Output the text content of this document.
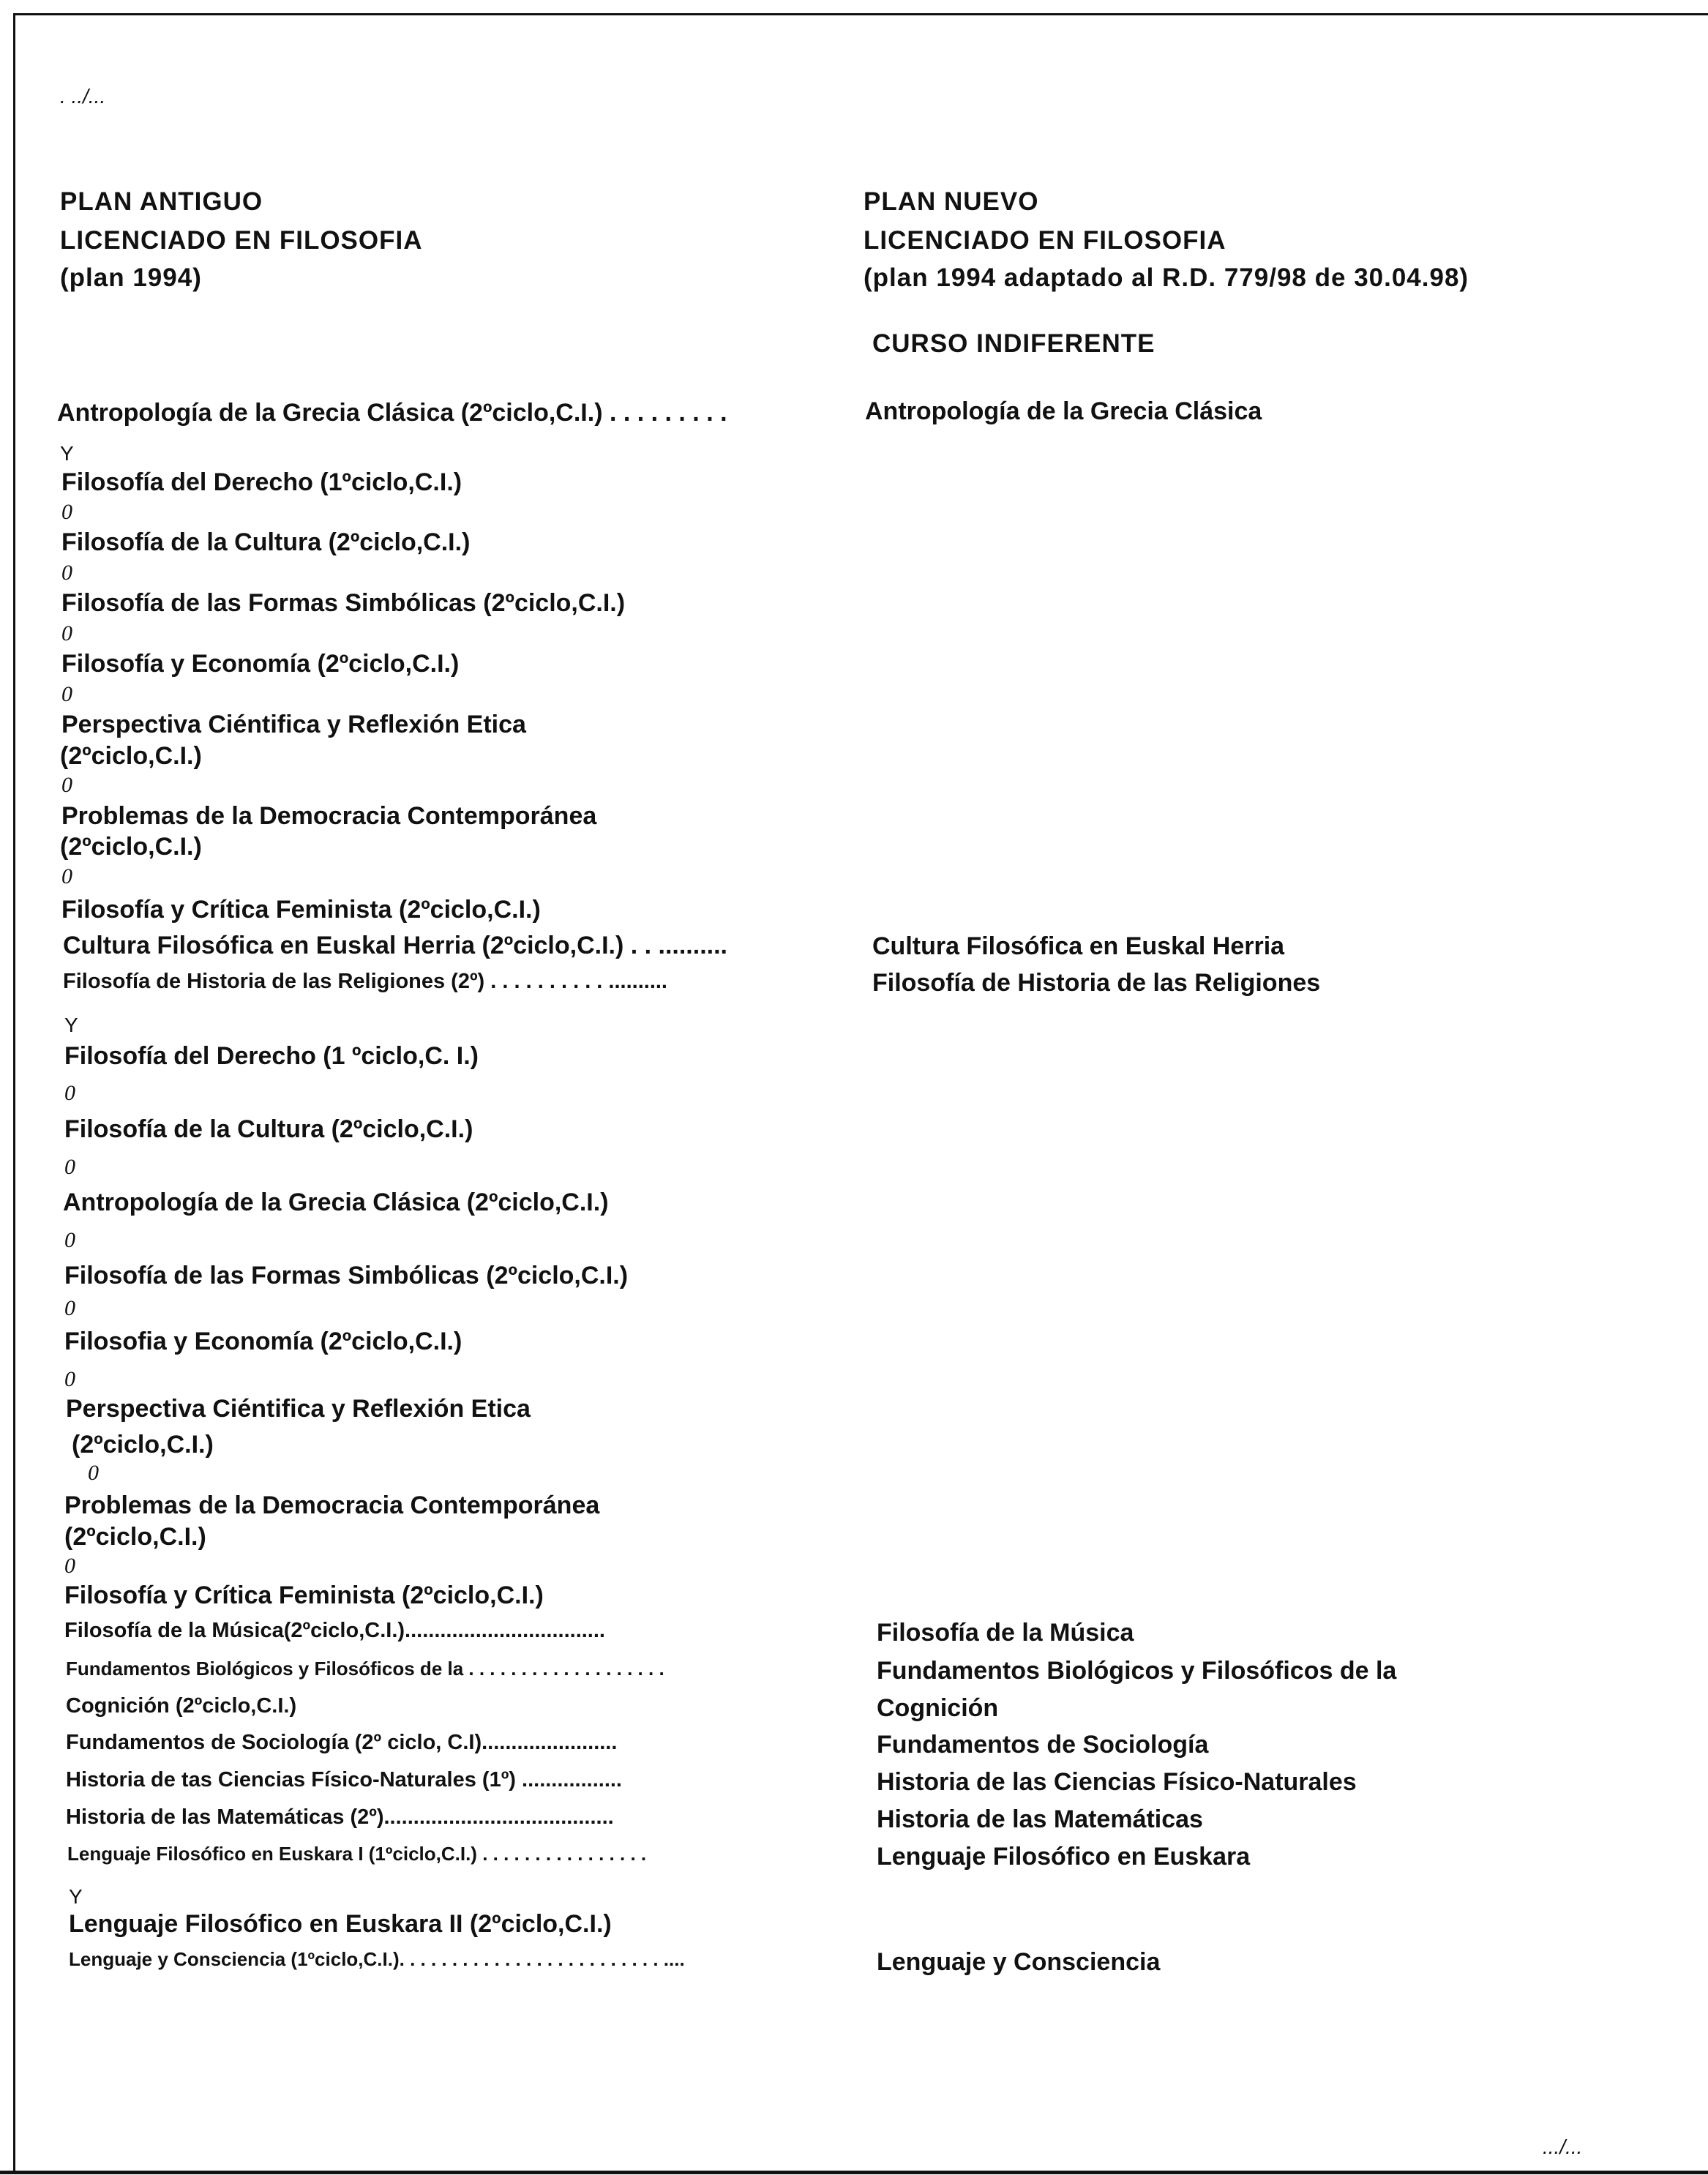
. ../...
PLAN ANTIGUO
LICENCIADO EN FILOSOFIA
(plan 1994)
PLAN NUEVO
LICENCIADO EN FILOSOFIA
(plan 1994 adaptado al R.D. 779/98 de 30.04.98)
CURSO INDIFERENTE
Antropología de la Grecia Clásica (2ºciclo,C.I.) . . . . . . . . .
Y
Filosofía del Derecho (1ºciclo,C.I.)
0
Filosofía de la Cultura (2ºciclo,C.I.)
0
Filosofía de las Formas Simbólicas (2ºciclo,C.I.)
0
Filosofía y Economía (2ºciclo,C.I.)
0
Perspectiva Ciéntifica y Reflexión Etica
(2ºciclo,C.I.)
0
Problemas de la Democracia Contemporánea
(2ºciclo,C.I.)
0
Filosofía y Crítica Feminista (2ºciclo,C.I.)
Cultura Filosófica en Euskal Herria (2ºciclo,C.I.) . . ..........
Filosofía de Historia de las Religiones (2º) . . . . . . . . . . ..........
Y
Filosofía del Derecho (1 ºciclo,C. I.)
0
Filosofía de la Cultura (2ºciclo,C.I.)
0
Antropología de la Grecia Clásica (2ºciclo,C.I.)
0
Filosofía de las Formas Simbólicas (2ºciclo,C.I.)
0
Filosofia y Economía (2ºciclo,C.I.)
0
Perspectiva Ciéntifica y Reflexión Etica
(2ºciclo,C.I.)
0
Problemas de la Democracia Contemporánea
(2ºciclo,C.I.)
0
Filosofía y Crítica Feminista (2ºciclo,C.I.)
Filosofía de la Música(2ºciclo,C.I.)..................................
Fundamentos Biológicos y Filosóficos de la . . . . . . . . . . . . . . . . . . .
Cognición (2ºciclo,C.I.)
Fundamentos de Sociología (2º ciclo, C.I).......................
Historia de tas Ciencias Físico-Naturales (1º) .................
Historia de las Matemáticas (2º).......................................
Lenguaje Filosófico en Euskara I (1ºciclo,C.I.) . . . . . . . . . . . . . . . .
Y
Lenguaje Filosófico en Euskara II (2ºciclo,C.I.)
Lenguaje y Consciencia (1ºciclo,C.I.). . . . . . . . . . . . . . . . . . . . . . . . . ....
Antropología de la Grecia Clásica
Cultura Filosófica en Euskal Herria
Filosofía de Historia de las Religiones
Filosofía de la Música
Fundamentos Biológicos y Filosóficos de la
Cognición
Fundamentos de Sociología
Historia de las Ciencias Físico-Naturales
Historia de las Matemáticas
Lenguaje Filosófico en Euskara
Lenguaje y Consciencia
.../...
